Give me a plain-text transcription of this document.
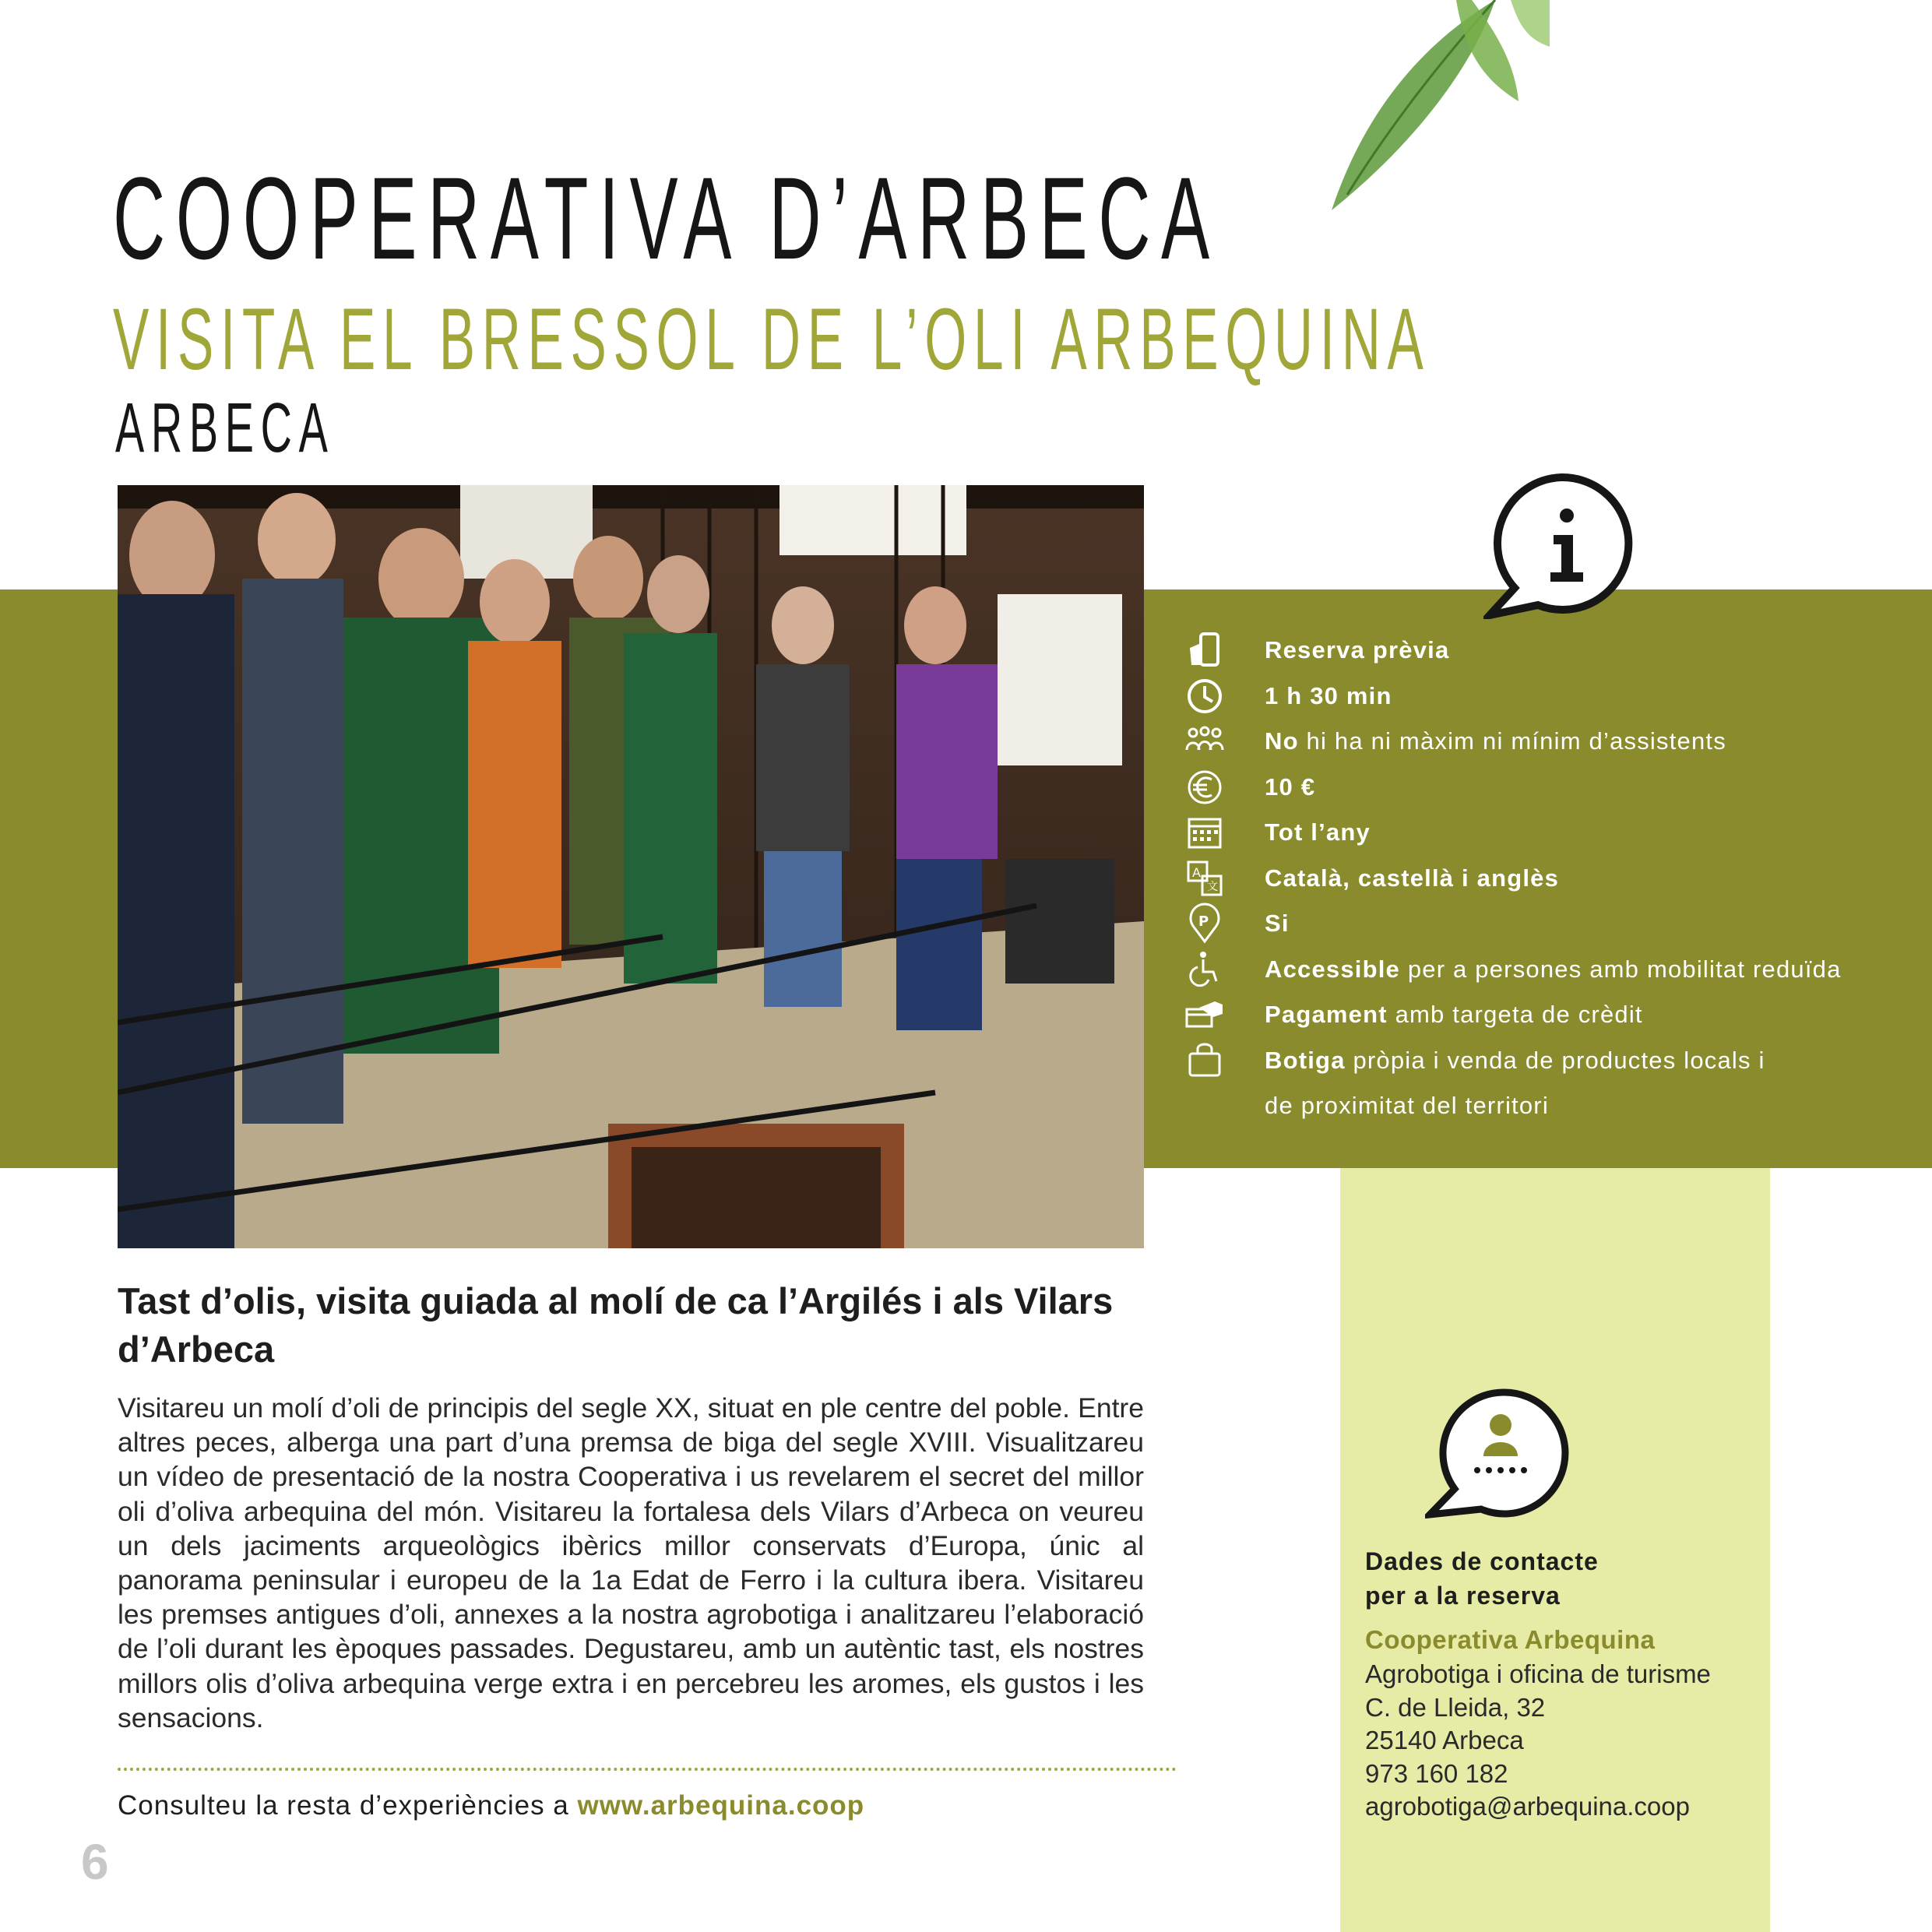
COOPERATIVA D’ARBECA
VISITA EL BRESSOL DE L’OLI ARBEQUINA
ARBECA
Reserva prèvia
1 h 30 min
No hi ha ni màxim ni mínim d’assistents
10 €
Tot l’any
A
文 Català, castellà i anglès
P Si
Accessible per a persones amb mobilitat reduïda
Pagament amb targeta de crèdit
Botiga pròpia i venda de productes locals i
de proximitat del territori
Tast d’olis, visita guiada al molí de ca l’Argilés i als Vilars d’Arbeca
Visitareu un molí d’oli de principis del segle XX, situat en ple centre del poble. Entre altres peces, alberga una part d’una premsa de biga del segle XVIII. Visualitzareu un vídeo de presentació de la nostra Cooperativa i us revelarem el secret del millor oli d’oliva arbequina del món. Visitareu la fortalesa dels Vilars d’Arbeca on veureu un dels jaciments arqueològics ibèrics millor conservats d’Europa, únic al panorama peninsular i europeu de la 1a Edat de Ferro i la cultura ibera. Visitareu les premses antigues d’oli, annexes a la nostra agrobotiga i analitzareu l’elaboració de l’oli durant les èpoques passades. Degustareu, amb un autèntic tast, els nostres millors olis d’oliva arbequina verge extra i en percebreu les aromes, els gustos i les sensacions.
Consulteu la resta d’experiències a www.arbequina.coop
6
Dades de contacte
per a la reserva
Cooperativa Arbequina
Agrobotiga i oficina de turisme
C. de Lleida, 32
25140 Arbeca
973 160 182
agrobotiga@arbequina.coop
